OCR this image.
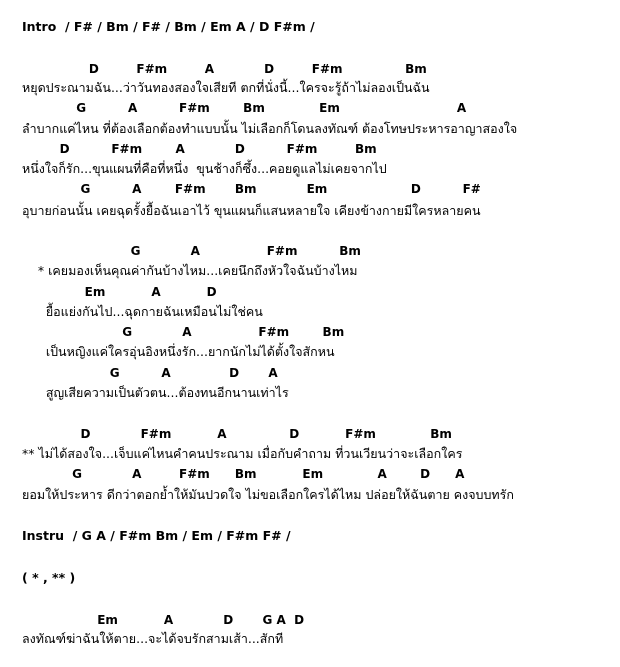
Intro  / F# / Bm / F# / Bm / Em A / D F#m /
D         F#m         A            D         F#m               Bm
หยุดประณามฉัน...ว่าวันทองสองใจเสียที ตกที่นั่งนี้...ใครจะรู้ถ้าไม่ลองเป็นฉัน
G          A          F#m        Bm             Em                            A
ลำบากแค่ไหน ที่ต้องเลือกต้องทำแบบนั้น ไม่เลือกก็โดนลงทัณฑ์ ต้องโทษประหารอาญาสองใจ
D          F#m        A            D          F#m         Bm
หนึ่งใจก็รัก...ขุนแผนที่คือที่หนึ่ง  ขุนช้างก็ซึ้ง...คอยดูแลไม่เคยจากไป
G          A        F#m       Bm            Em                    D          F#
อุบายก่อนนั้น เคยฉุดรั้งยื้อฉันเอาไว้ ขุนแผนก็แสนหลายใจ เคียงข้างกายมีใครหลายคน
G            A                F#m          Bm
* เคยมองเห็นคุณค่ากันบ้างไหม...เคยนึกถึงหัวใจฉันบ้างไหม
Em           A           D
ยื้อแย่งกันไป...ฉุดกายฉันเหมือนไม่ใช่คน
G            A                F#m        Bm
เป็นหญิงแค่ใครอุ่นอิงหนึ่งรัก...ยากนักไม่ได้ตั้งใจสักหน
G          A              D       A
สูญเสียความเป็นตัวตน...ต้องทนอีกนานเท่าไร
D            F#m           A               D           F#m             Bm
** ไม่ได้สองใจ...เจ็บแค่ไหนคำคนประณาม เมื่อกับคำถาม ที่วนเวียนว่าจะเลือกใคร
G            A         F#m      Bm           Em             A        D      A
ยอมให้ประหาร ดีกว่าตอกย้ำให้มันปวดใจ ไม่ขอเลือกใครได้ไหม ปล่อยให้ฉันตาย คงจบบทรัก
Instru  / G A / F#m Bm / Em / F#m F# /
( * , ** )
Em           A            D       G A  D
ลงทัณฑ์ฆ่าฉันให้ตาย...จะได้จบรักสามเส้า...สักที
